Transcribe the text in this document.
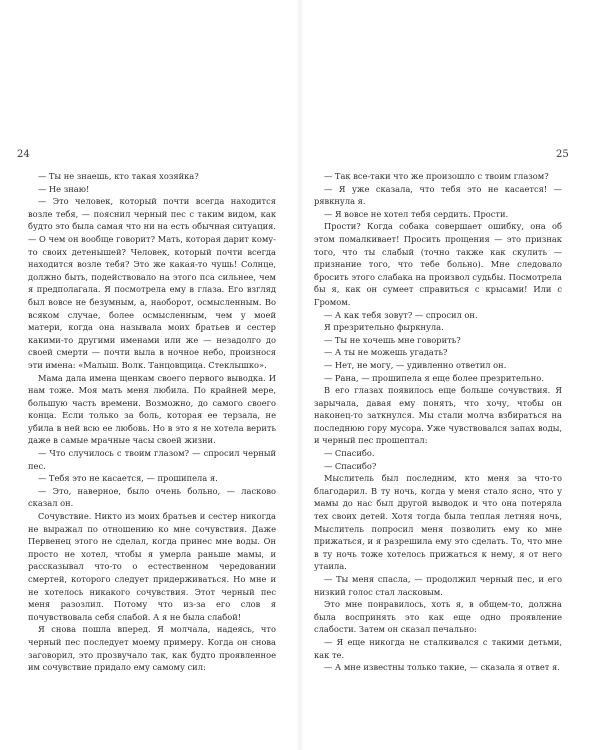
24

— Ты не знаешь, кто такая хозяйка?

— Не знаю!

— Это человек, который почти всегда находится возле тебя, — пояснил черный пес с таким видом, как будто это была самая что ни на есть обычная ситуация. — О чем он вообще говорит? Мать, которая дарит кому-то своих детенышей? Человек, который почти всегда находится возле тебя? Это же какая-то чушь! Солнце, должно быть, подействовало на этого пса сильнее, чем я предполагала. Я посмотрела ему в глаза. Его взгляд был вовсе не безумным, а, наоборот, осмысленным. Во всяком случае, более осмысленным, чем у моей матери, когда она называла моих братьев и сестер какими-то другими именами или же — незадолго до своей смерти — почти выла в ночное небо, произнося эти имена: «Малыш. Волк. Танцовщица. Стеклышко».

Мама дала имена щенкам своего первого выводка. И нам тоже. Моя мать меня любила. По крайней мере, большую часть времени. Возможно, до самого своего конца. Если только за боль, которая ее терзала, не убила в ней всю ее любовь. Но в это я не хотела верить даже в самые мрачные часы своей жизни.

— Что случилось с твоим глазом? — спросил черный пес.

— Тебя это не касается, — прошипела я.

— Это, наверное, было очень больно, — ласково сказал он.

Сочувствие. Никто из моих братьев и сестер никогда не выражал по отношению ко мне сочувствия. Даже Первенец этого не сделал, когда принес мне воды. Он просто не хотел, чтобы я умерла раньше мамы, и рассказывал что-то о естественном чередовании смертей, которого следует придерживаться. Но мне и не хотелось никакого сочувствия. Этот черный пес меня разозлил. Потому что из-за его слов я почувствовала себя слабой. А я не была слабой!

Я снова пошла вперед. Я молчала, надеясь, что черный пес последует моему примеру. Когда он снова заговорил, это прозвучало так, как будто проявленное им сочувствие придало ему самому сил:

25

— Так все-таки что же произошло с твоим глазом?

— Я уже сказала, что тебя это не касается! — рявкнула я.

— Я вовсе не хотел тебя сердить. Прости.

Прости? Когда собака совершает ошибку, она об этом помалкивает! Просить прощения — это признак того, что ты слабый (точно также как скулить — признание того, что тебе больно). Мне следовало бросить этого слабака на произвол судьбы. Посмотрела бы я, как он сумеет справиться с крысами! Или с Громом.

— А как тебя зовут? — спросил он.

Я презрительно фыркнула.

— Ты не хочешь мне говорить?

— А ты не можешь угадать?

— Нет, не могу, — удивленно ответил он.

— Рана, — прошипела я еще более презрительно.

В его глазах появилось еще больше сочувствия. Я зарычала, давая ему понять, что хочу, чтобы он наконец-то заткнулся. Мы стали молча взбираться на последнюю гору мусора. Уже чувствовался запах воды, и черный пес прошептал:

— Спасибо.

— Спасибо?

Мыслитель был последним, кто меня за что-то благодарил. В ту ночь, когда у меня стало ясно, что у мамы до нас был другой выводок и что она потеряла тех своих детей. Хотя тогда была теплая летняя ночь, Мыслитель попросил меня позволить ему ко мне прижаться, и я разрешила ему это сделать. То, что мне в ту ночь тоже хотелось прижаться к нему, я от него утаила.

— Ты меня спасла, — продолжил черный пес, и его низкий голос стал ласковым.

Это мне понравилось, хоть я, в общем-то, должна была воспринять это как еще одно проявление слабости. Затем он сказал печально:

— Я еще никогда не сталкивался с такими детьми, как те.

— А мне известны только такие, — сказала я ответ я.
